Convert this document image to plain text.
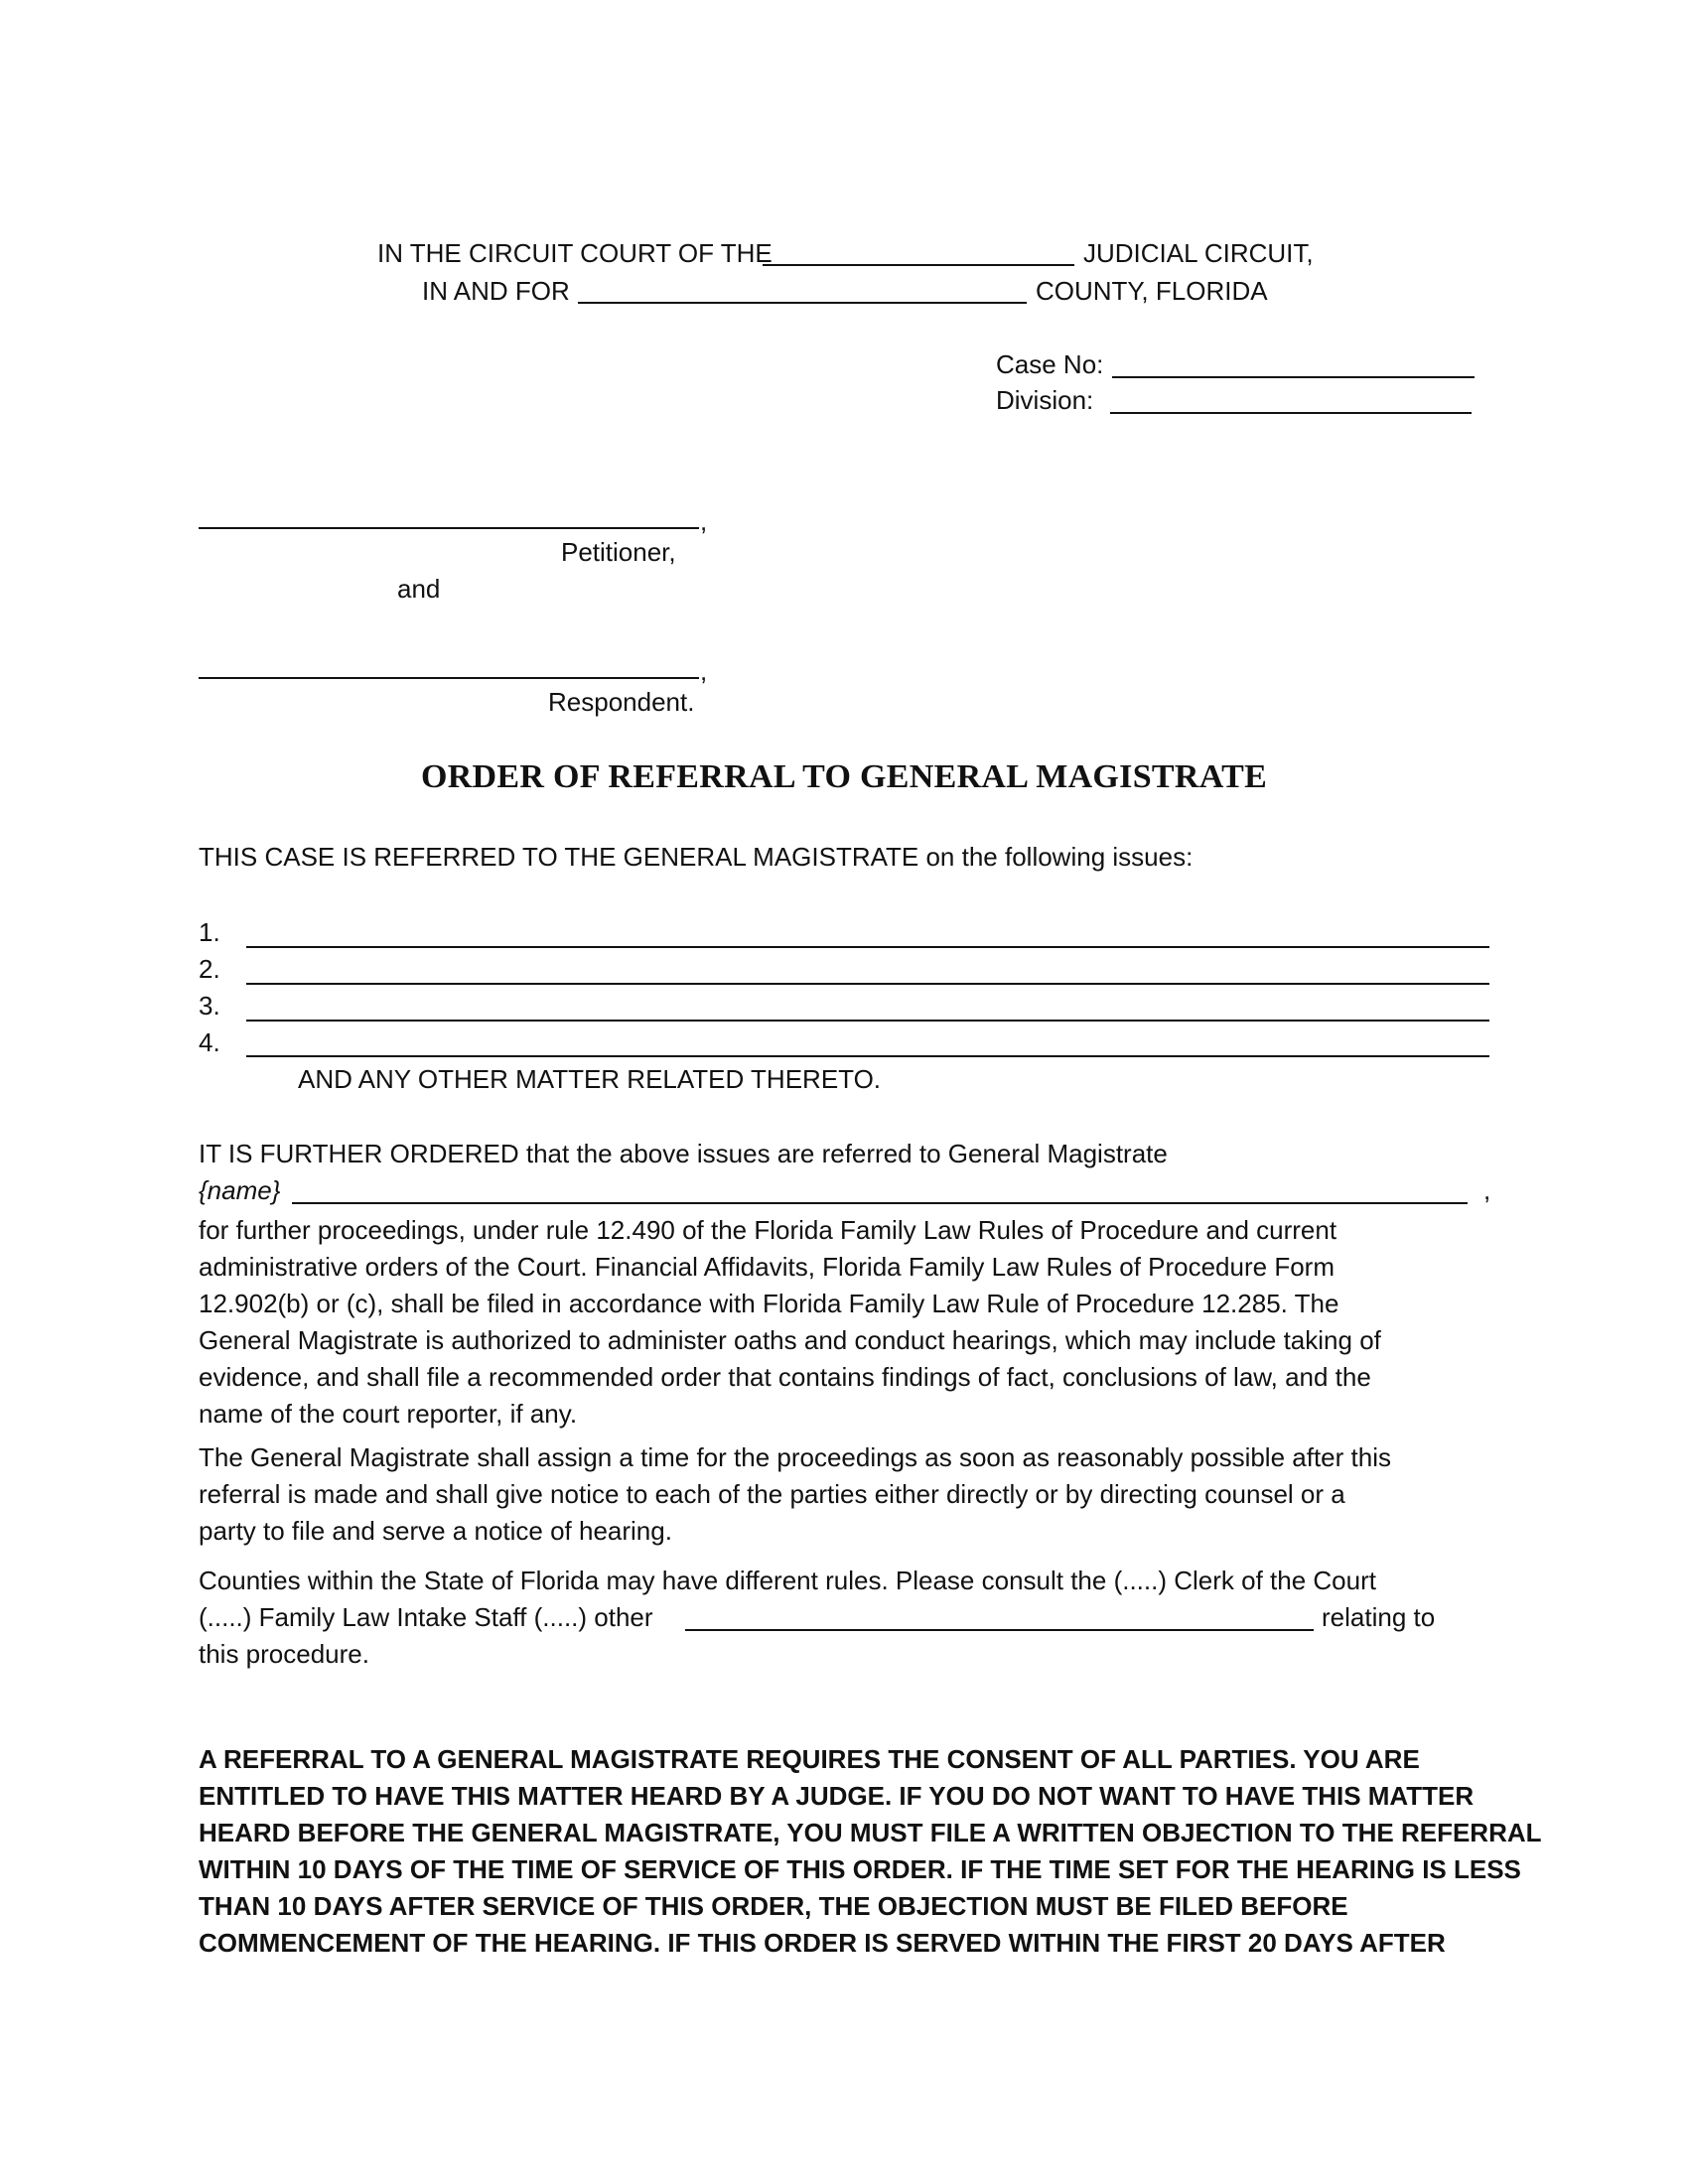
IN THE CIRCUIT COURT OF THE	JUDICIAL CIRCUIT,
IN AND FOR	COUNTY, FLORIDA
Case No:
Division:
,
Petitioner,
and
,
Respondent.
ORDER OF REFERRAL TO GENERAL MAGISTRATE
THIS CASE IS REFERRED TO THE GENERAL MAGISTRATE on the following issues:
1.
2.
3.
4.
AND ANY OTHER MATTER RELATED THERETO.
IT IS FURTHER ORDERED that the above issues are referred to General Magistrate
{name}	,
for further proceedings, under rule 12.490 of the Florida Family Law Rules of Procedure and current
administrative orders of the Court. Financial Affidavits, Florida Family Law Rules of Procedure Form
12.902(b) or (c), shall be filed in accordance with Florida Family Law Rule of Procedure 12.285. The
General Magistrate is authorized to administer oaths and conduct hearings, which may include taking of
evidence, and shall file a recommended order that contains findings of fact, conclusions of law, and the
name of the court reporter, if any.
The General Magistrate shall assign a time for the proceedings as soon as reasonably possible after this
referral is made and shall give notice to each of the parties either directly or by directing counsel or a
party to file and serve a notice of hearing.
Counties within the State of Florida may have different rules. Please consult the (.....) Clerk of the Court
(.....) Family Law Intake Staff (.....) other	relating to
this procedure.
A REFERRAL TO A GENERAL MAGISTRATE REQUIRES THE CONSENT OF ALL PARTIES. YOU ARE
ENTITLED TO HAVE THIS MATTER HEARD BY A JUDGE. IF YOU DO NOT WANT TO HAVE THIS MATTER
HEARD BEFORE THE GENERAL MAGISTRATE, YOU MUST FILE A WRITTEN OBJECTION TO THE REFERRAL
WITHIN 10 DAYS OF THE TIME OF SERVICE OF THIS ORDER. IF THE TIME SET FOR THE HEARING IS LESS
THAN 10 DAYS AFTER SERVICE OF THIS ORDER, THE OBJECTION MUST BE FILED BEFORE
COMMENCEMENT OF THE HEARING. IF THIS ORDER IS SERVED WITHIN THE FIRST 20 DAYS AFTER
